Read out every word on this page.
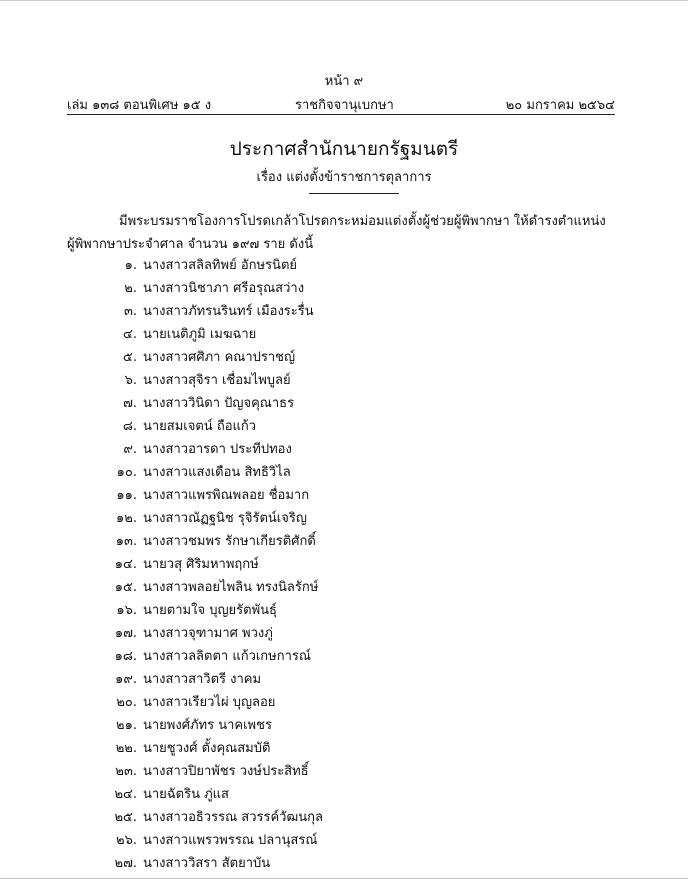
หน้า ๙
เล่ม ๑๓๘ ตอนพิเศษ ๑๕ ง	ราชกิจจานุเบกษา	๒๐ มกราคม ๒๕๖๔
ประกาศสำนักนายกรัฐมนตรี
เรื่อง แต่งตั้งข้าราชการตุลาการ
มีพระบรมราชโองการโปรดเกล้าโปรดกระหม่อมแต่งตั้งผู้ช่วยผู้พิพากษา ให้ดำรงตำแหน่ง
ผู้พิพากษาประจำศาล จำนวน ๑๙๗ ราย ดังนี้
๑. นางสาวสลิลทิพย์ อักษรนิตย์
๒. นางสาวนิชาภา ศรีอรุณสว่าง
๓. นางสาวภัทรนรินทร์ เมืองระรื่น
๔. นายเนติภูมิ เมฆฉาย
๕. นางสาวศศิภา คณาปราชญ์
๖. นางสาวสุจิรา เชื่อมไพบูลย์
๗. นางสาววินิดา ปัญจคุณาธร
๘. นายสมเจตน์ ถือแก้ว
๙. นางสาวอารดา ประทีปทอง
๑๐. นางสาวแสงเดือน สิทธิวิไล
๑๑. นางสาวแพรพิณพลอย ชื่อมาก
๑๒. นางสาวณัฏฐนิช รุจิรัตน์เจริญ
๑๓. นางสาวชมพร รักษาเกียรติศักดิ์
๑๔. นายวสุ ศิริมหาพฤกษ์
๑๕. นางสาวพลอยไพลิน ทรงนิลรักษ์
๑๖. นายตามใจ บุญยรัตพันธุ์
๑๗. นางสาวจุฑามาศ พวงภู่
๑๘. นางสาวลลิตตา แก้วเกษการณ์
๑๙. นางสาวสาวิตรี งาคม
๒๐. นางสาวเรียวไผ่ บุญลอย
๒๑. นายพงศ์ภัทร นาคเพชร
๒๒. นายชูวงศ์ ตั้งคุณสมบัติ
๒๓. นางสาวปิยาพัชร วงษ์ประสิทธิ์
๒๔. นายฉัตริน ภู่แส
๒๕. นางสาวอธิวรรณ สวรรค์วัฒนกุล
๒๖. นางสาวแพรวพรรณ ปลานุสรณ์
๒๗. นางสาววิสรา สัตยาบัน
